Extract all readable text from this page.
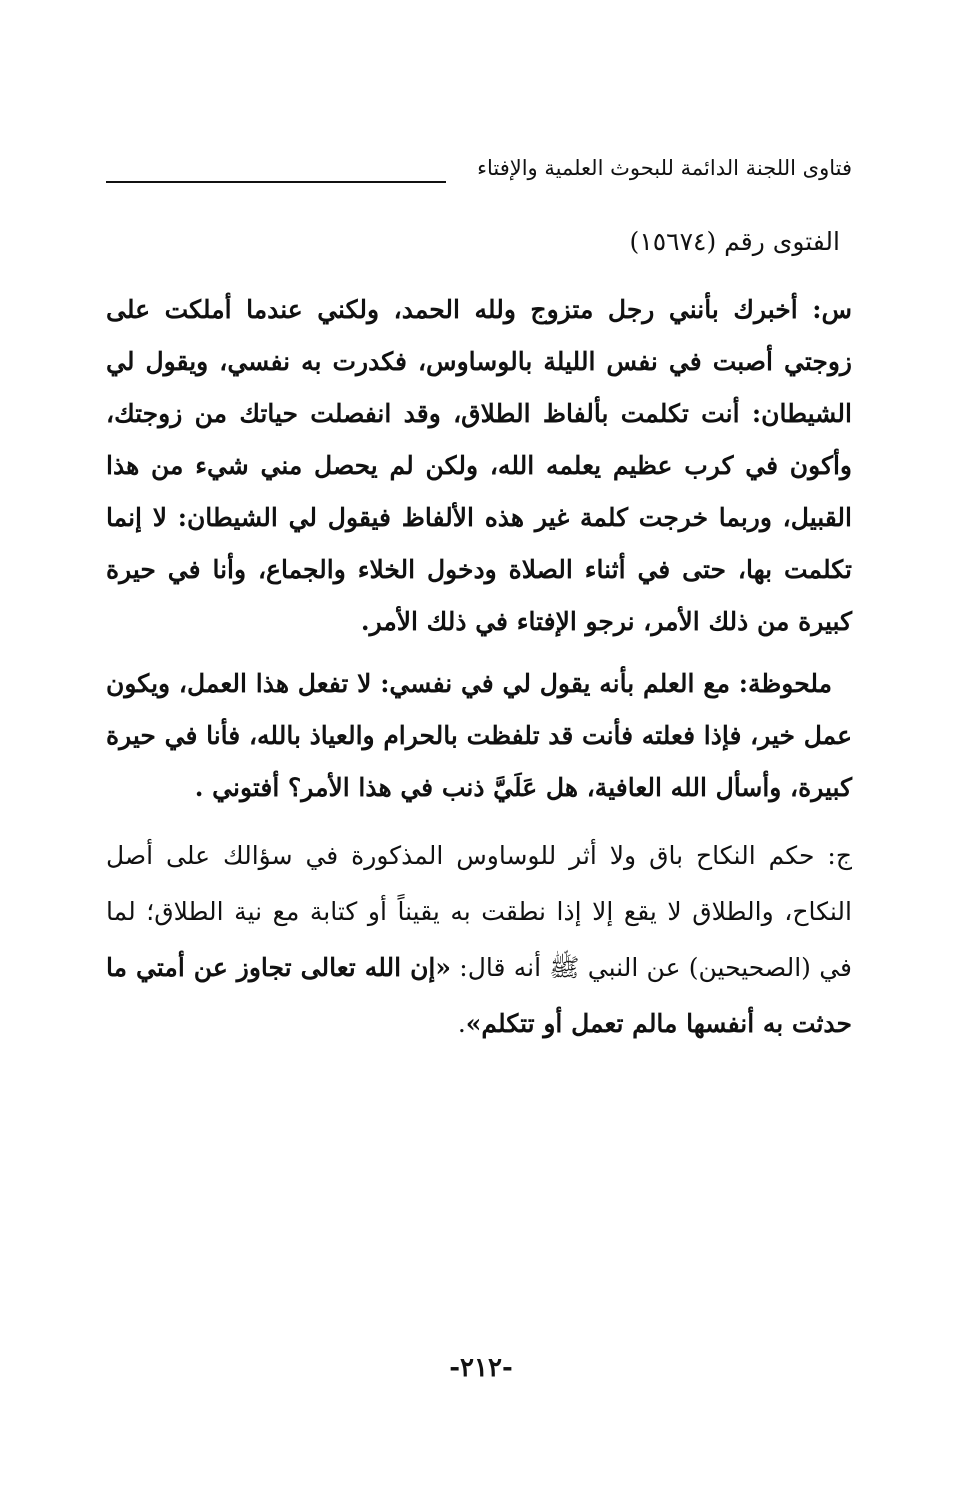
فتاوى اللجنة الدائمة للبحوث العلمية والإفتاء
الفتوى رقم (١٥٦٧٤)

س: أخبرك بأنني رجل متزوج ولله الحمد، ولكني عندما أملكت على زوجتي أصبت في نفس الليلة بالوساوس، فكدرت به نفسي، ويقول لي الشيطان: أنت تكلمت بألفاظ الطلاق، وقد انفصلت حياتك من زوجتك، وأكون في كرب عظيم يعلمه الله، ولكن لم يحصل مني شيء من هذا القبيل، وربما خرجت كلمة غير هذه الألفاظ فيقول لي الشيطان: لا إنما تكلمت بها، حتى في أثناء الصلاة ودخول الخلاء والجماع، وأنا في حيرة كبيرة من ذلك الأمر، نرجو الإفتاء في ذلك الأمر.

ملحوظة: مع العلم بأنه يقول لي في نفسي: لا تفعل هذا العمل، ويكون عمل خير، فإذا فعلته فأنت قد تلفظت بالحرام والعياذ بالله، فأنا في حيرة كبيرة، وأسأل الله العافية، هل عَلَيَّ ذنب في هذا الأمر؟ أفتوني .

ج: حكم النكاح باق ولا أثر للوساوس المذكورة في سؤالك على أصل النكاح، والطلاق لا يقع إلا إذا نطقت به يقيناً أو كتابة مع نية الطلاق؛ لما في (الصحيحين) عن النبي ﷺ أنه قال: «إن الله تعالى تجاوز عن أمتي ما حدثت به أنفسها مالم تعمل أو تتكلم».

-٢١٢-
